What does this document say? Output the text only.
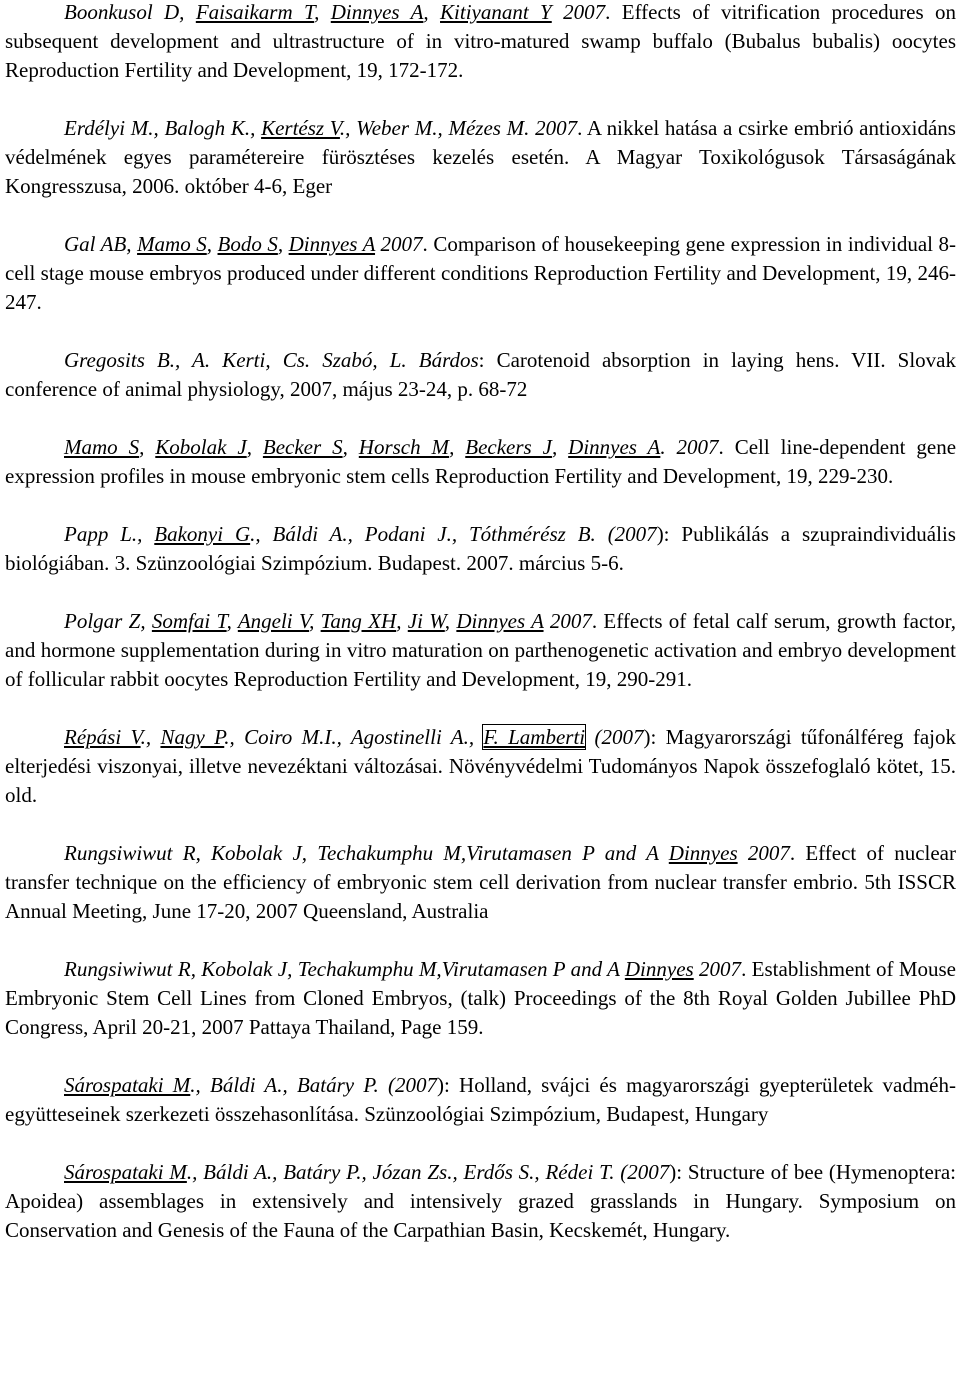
Boonkusol D, Faisaikarm T, Dinnyes A, Kitiyanant Y 2007. Effects of vitrification procedures on subsequent development and ultrastructure of in vitro-matured swamp buffalo (Bubalus bubalis) oocytes Reproduction Fertility and Development, 19, 172-172.

Erdélyi M., Balogh K., Kertész V., Weber M., Mézes M. 2007. A nikkel hatása a csirke embrió antioxidáns védelmének egyes paramétereire fürösztéses kezelés esetén. A Magyar Toxikológusok Társaságának Kongresszusa, 2006. október 4-6, Eger

Gal AB, Mamo S, Bodo S, Dinnyes A 2007. Comparison of housekeeping gene expression in individual 8-cell stage mouse embryos produced under different conditions Reproduction Fertility and Development, 19, 246-247.

Gregosits B., A. Kerti, Cs. Szabó, L. Bárdos: Carotenoid absorption in laying hens. VII. Slovak conference of animal physiology, 2007, május 23-24, p. 68-72

Mamo S, Kobolak J, Becker S, Horsch M, Beckers J, Dinnyes A. 2007. Cell line-dependent gene expression profiles in mouse embryonic stem cells Reproduction Fertility and Development, 19, 229-230.

Papp L., Bakonyi G., Báldi A., Podani J., Tóthmérész B. (2007): Publikálás a szupraindividuális biológiában. 3. Szünzoológiai Szimpózium. Budapest. 2007. március 5-6.

Polgar Z, Somfai T, Angeli V, Tang XH, Ji W, Dinnyes A 2007. Effects of fetal calf serum, growth factor, and hormone supplementation during in vitro maturation on parthenogenetic activation and embryo development of follicular rabbit oocytes Reproduction Fertility and Development, 19, 290-291.

Répási V., Nagy P., Coiro M.I., Agostinelli A., F. Lamberti (2007): Magyarországi tűfonálféreg fajok elterjedési viszonyai, illetve nevezéktani változásai. Növényvédelmi Tudományos Napok összefoglaló kötet, 15. old.

Rungsiwiwut R, Kobolak J, Techakumphu M,Virutamasen P and A Dinnyes 2007. Effect of nuclear transfer technique on the efficiency of embryonic stem cell derivation from nuclear transfer embrio. 5th ISSCR Annual Meeting, June 17-20, 2007 Queensland, Australia

Rungsiwiwut R, Kobolak J, Techakumphu M,Virutamasen P and A Dinnyes 2007. Establishment of Mouse Embryonic Stem Cell Lines from Cloned Embryos, (talk) Proceedings of the 8th Royal Golden Jubillee PhD Congress, April 20-21, 2007 Pattaya Thailand, Page 159.

Sárospataki M., Báldi A., Batáry P. (2007): Holland, svájci és magyarországi gyepterületek vadméh-együtteseinek szerkezeti összehasonlítása. Szünzoológiai Szimpózium, Budapest, Hungary

Sárospataki M., Báldi A., Batáry P., Józan Zs., Erdős S., Rédei T. (2007): Structure of bee (Hymenoptera: Apoidea) assemblages in extensively and intensively grazed grasslands in Hungary. Symposium on Conservation and Genesis of the Fauna of the Carpathian Basin, Kecskemét, Hungary.
